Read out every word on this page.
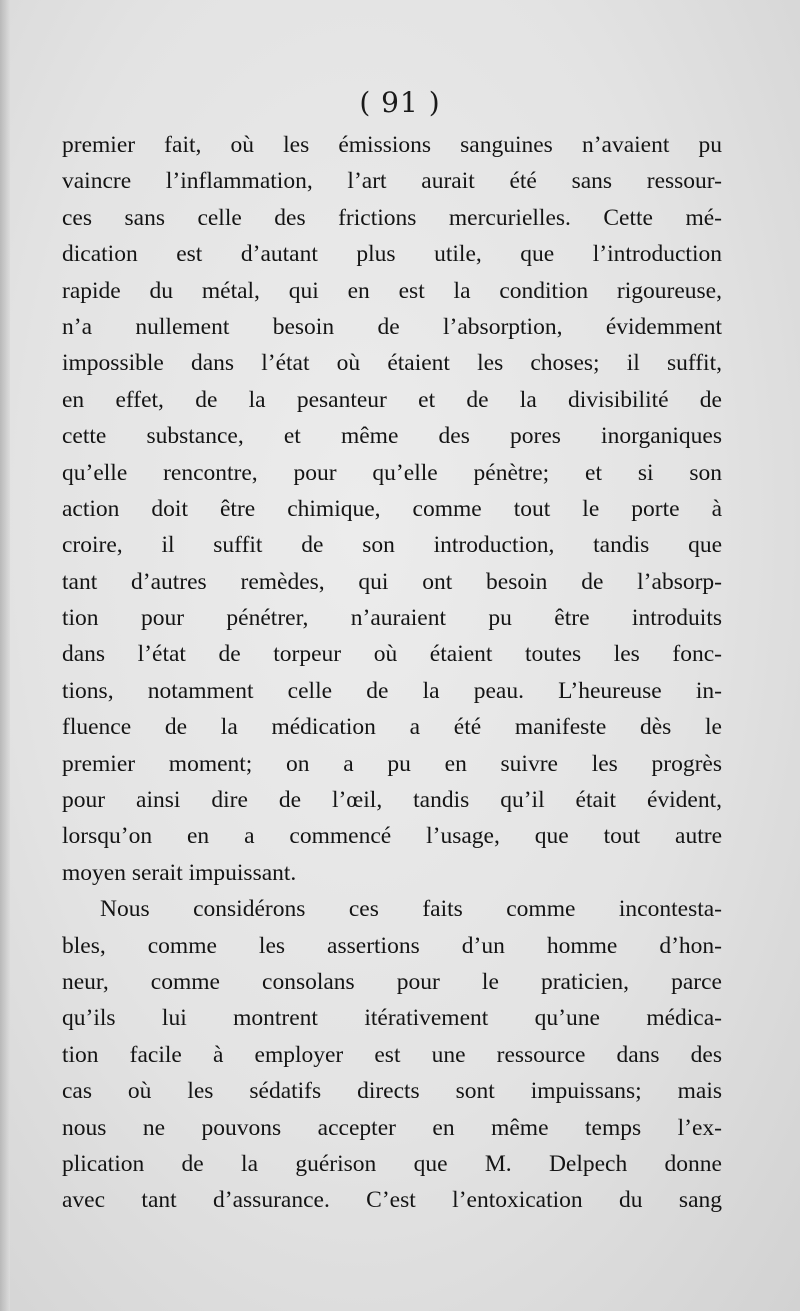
( 91 )
premier fait, où les émissions sanguines n’avaient pu
vaincre l’inflammation, l’art aurait été sans ressour-
ces sans celle des frictions mercurielles. Cette mé-
dication est d’autant plus utile, que l’introduction
rapide du métal, qui en est la condition rigoureuse,
n’a nullement besoin de l’absorption, évidemment
impossible dans l’état où étaient les choses; il suffit,
en effet, de la pesanteur et de la divisibilité de
cette substance, et même des pores inorganiques
qu’elle rencontre, pour qu’elle pénètre; et si son
action doit être chimique, comme tout le porte à
croire, il suffit de son introduction, tandis que
tant d’autres remèdes, qui ont besoin de l’absorp-
tion pour pénétrer, n’auraient pu être introduits
dans l’état de torpeur où étaient toutes les fonc-
tions, notamment celle de la peau. L’heureuse in-
fluence de la médication a été manifeste dès le
premier moment; on a pu en suivre les progrès
pour ainsi dire de l’œil, tandis qu’il était évident,
lorsqu’on en a commencé l’usage, que tout autre
moyen serait impuissant.
Nous considérons ces faits comme incontesta-
bles, comme les assertions d’un homme d’hon-
neur, comme consolans pour le praticien, parce
qu’ils lui montrent itérativement qu’une médica-
tion facile à employer est une ressource dans des
cas où les sédatifs directs sont impuissans; mais
nous ne pouvons accepter en même temps l’ex-
plication de la guérison que M. Delpech donne
avec tant d’assurance. C’est l’entoxication du sang
